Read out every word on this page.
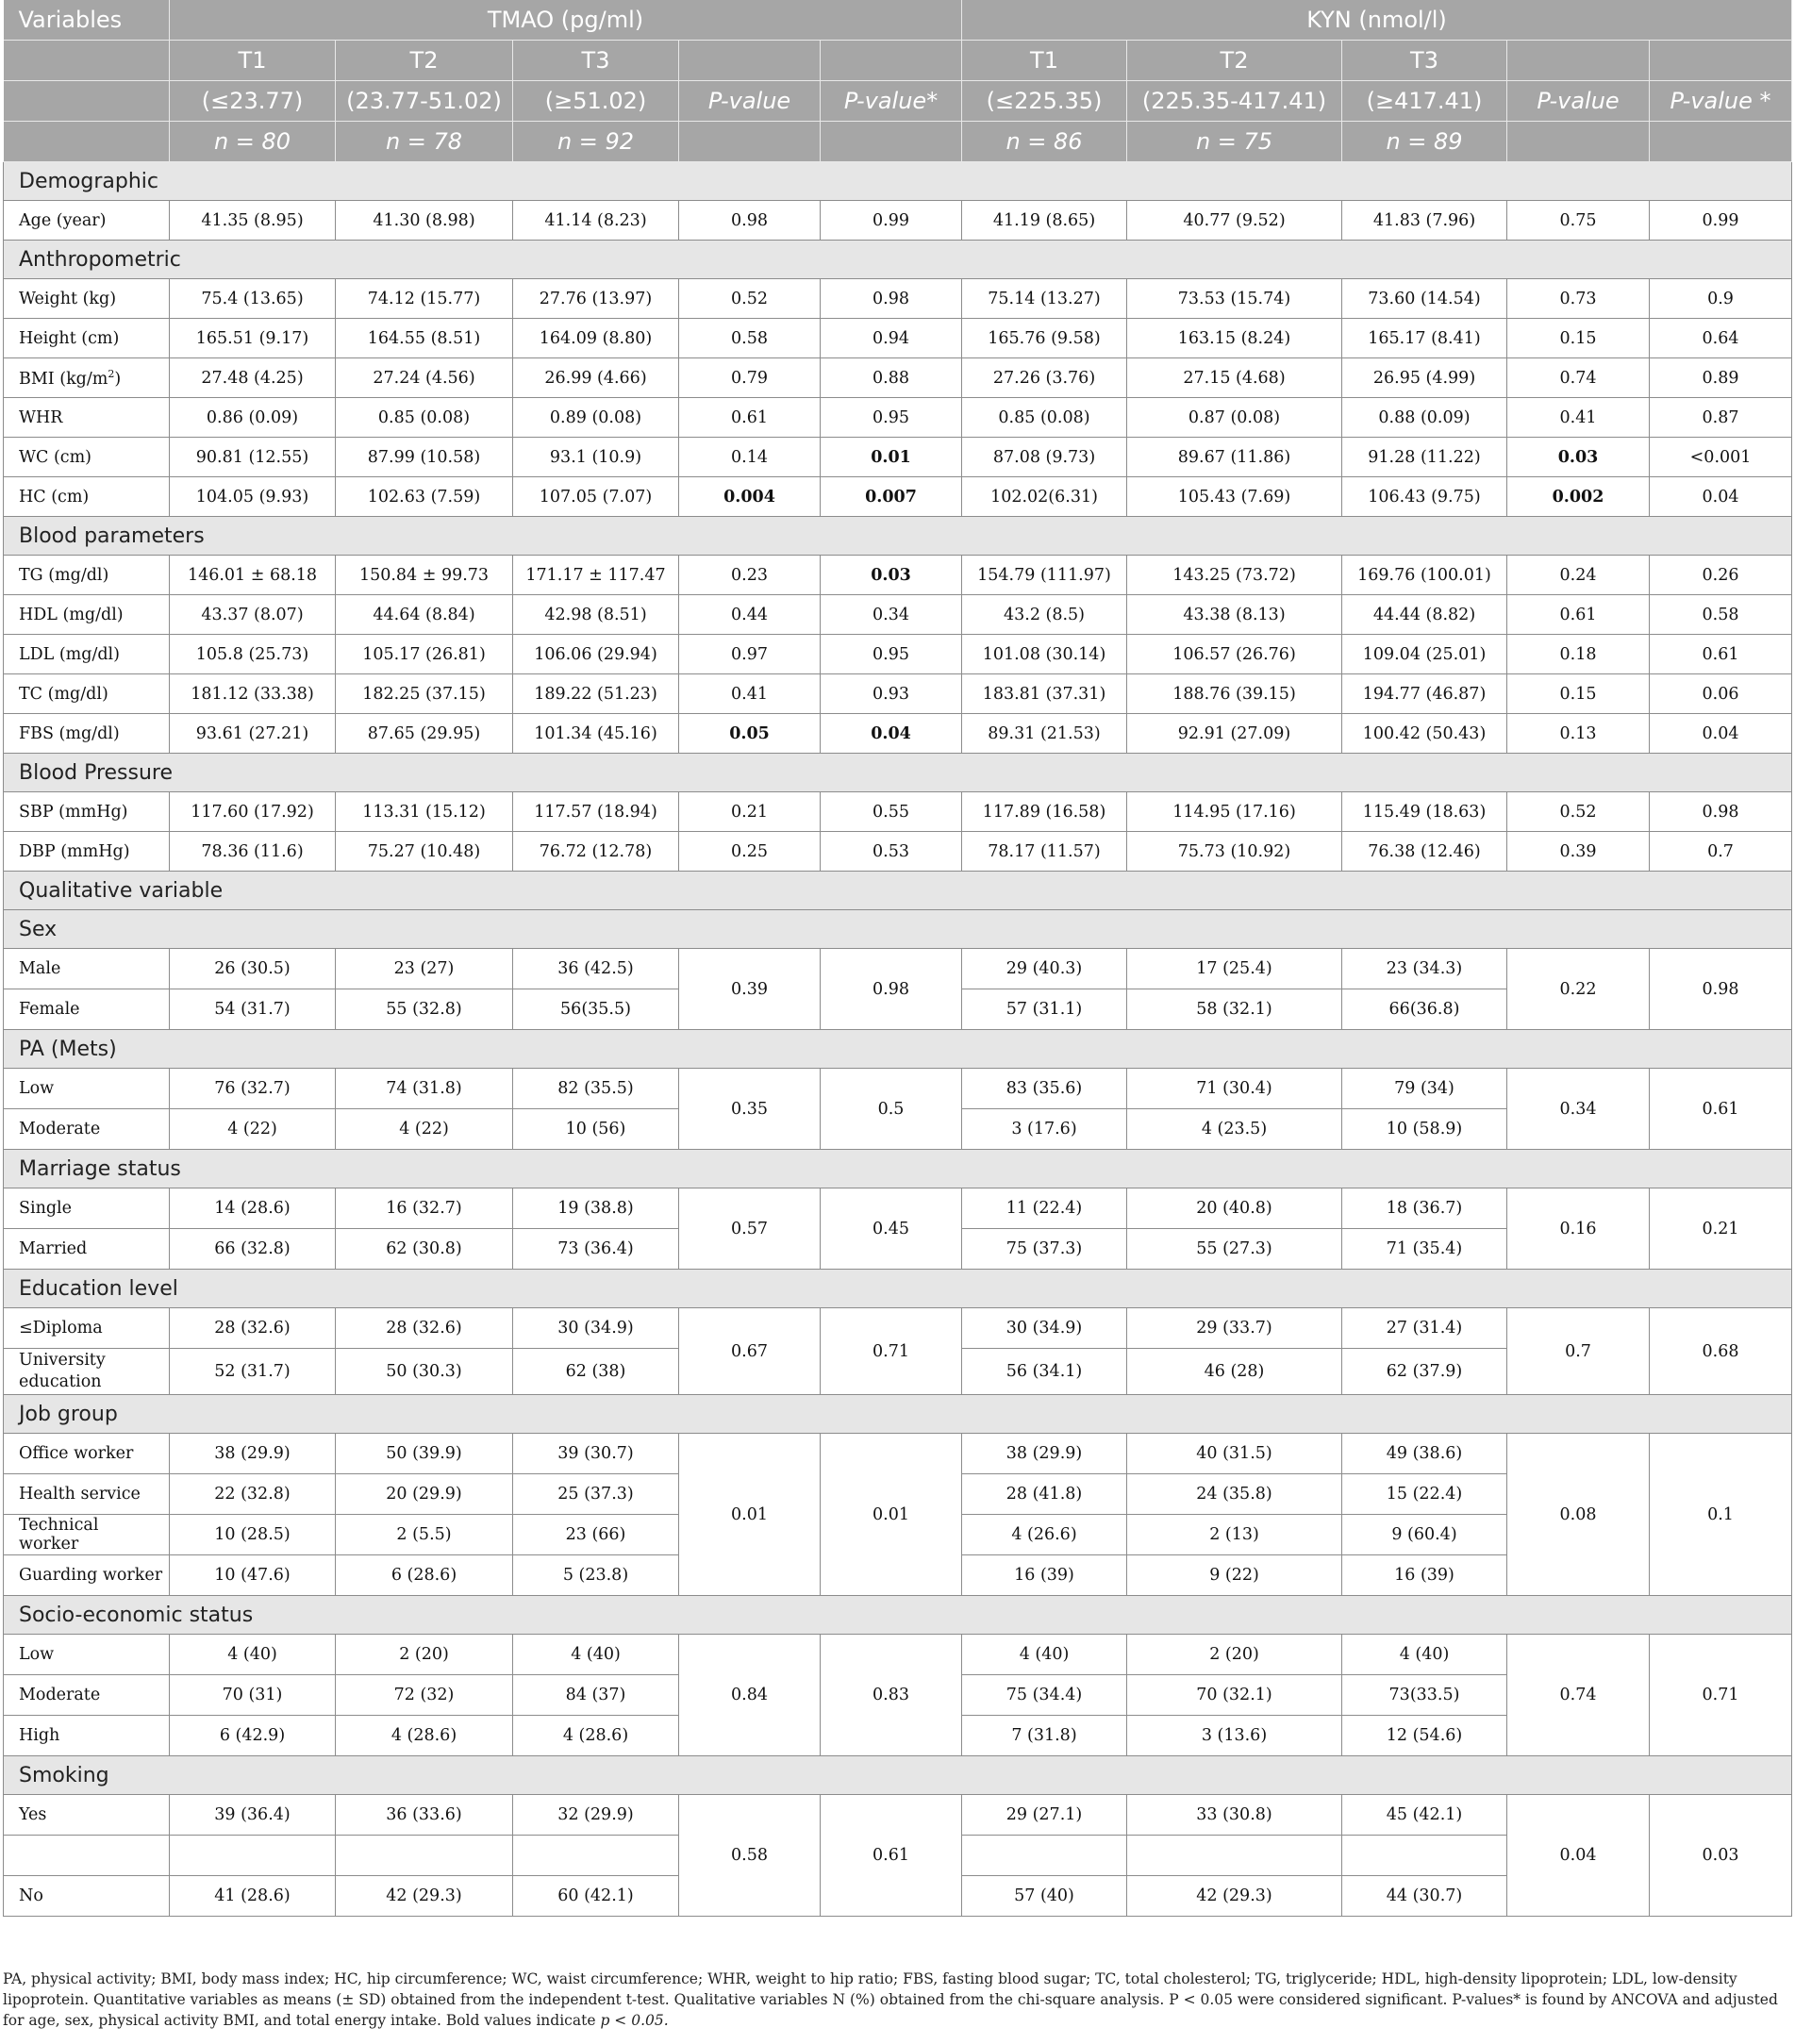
Variables	TMAO (pg/ml)					KYN (nmol/l)				
	T1	T2	T3			T1	T2	T3		
	(≤23.77)	(23.77-51.02)	(≥51.02)	P-value	P-value*	(≤225.35)	(225.35-417.41)	(≥417.41)	P-value	P-value *
	n = 80	n = 78	n = 92			n = 86	n = 75	n = 89		
Demographic										
Age (year)	41.35 (8.95)	41.30 (8.98)	41.14 (8.23)	0.98	0.99	41.19 (8.65)	40.77 (9.52)	41.83 (7.96)	0.75	0.99
Anthropometric										
Weight (kg)	75.4 (13.65)	74.12 (15.77)	27.76 (13.97)	0.52	0.98	75.14 (13.27)	73.53 (15.74)	73.60 (14.54)	0.73	0.9
Height (cm)	165.51 (9.17)	164.55 (8.51)	164.09 (8.80)	0.58	0.94	165.76 (9.58)	163.15 (8.24)	165.17 (8.41)	0.15	0.64
BMI $(kg/m^2)$	27.48 (4.25)	27.24 (4.56)	26.99 (4.66)	0.79	0.88	27.26 (3.76)	27.15 (4.68)	26.95 (4.99)	0.74	0.89
WHR	0.86 (0.09)	0.85 (0.08)	0.89 (0.08)	0.61	0.95	0.85 (0.08)	0.87 (0.08)	0.88 (0.09)	0.41	0.87
WC (cm)	90.81 (12.55)	87.99 (10.58)	93.1 (10.9)	0.14	0.01	87.08 (9.73)	89.67 (11.86)	91.28 (11.22)	0.03	<0.001
HC (cm)	104.05 (9.93)	102.63 (7.59)	107.05 (7.07)	0.004	0.007	102.02(6.31)	105.43 (7.69)	106.43 (9.75)	0.002	0.04
Blood parameters										
TG (mg/dl)	146.01 ± 68.18	150.84 ± 99.73	171.17 ± 117.47	0.23	0.03	154.79 (111.97)	143.25 (73.72)	169.76 (100.01)	0.24	0.26
HDL (mg/dl)	43.37 (8.07)	44.64 (8.84)	42.98 (8.51)	0.44	0.34	43.2 (8.5)	43.38 (8.13)	44.44 (8.82)	0.61	0.58
LDL (mg/dl)	105.8 (25.73)	105.17 (26.81)	106.06 (29.94)	0.97	0.95	101.08 (30.14)	106.57 (26.76)	109.04 (25.01)	0.18	0.61
TC (mg/dl)	181.12 (33.38)	182.25 (37.15)	189.22 (51.23)	0.41	0.93	183.81 (37.31)	188.76 (39.15)	194.77 (46.87)	0.15	0.06
FBS (mg/dl)	93.61 (27.21)	87.65 (29.95)	101.34 (45.16)	0.05	0.04	89.31 (21.53)	92.91 (27.09)	100.42 (50.43)	0.13	0.04
Blood Pressure										
SBP (mmHg)	117.60 (17.92)	113.31 (15.12)	117.57 (18.94)	0.21	0.55	117.89 (16.58)	114.95 (17.16)	115.49 (18.63)	0.52	0.98
DBP (mmHg)	78.36 (11.6)	75.27 (10.48)	76.72 (12.78)	0.25	0.53	78.17 (11.57)	75.73 (10.92)	76.38 (12.46)	0.39	0.7
Qualitative variable										
Sex										
Male	26 (30.5)	23 (27)	36 (42.5)	0.39	0.98	29 (40.3)	17 (25.4)	23 (34.3)	0.22	0.98
Female	54 (31.7)	55 (32.8)	56(35.5)			57 (31.1)	58 (32.1)	66(36.8)		
PA (Mets)										
Low	76 (32.7)	74 (31.8)	82 (35.5)	0.35	0.5	83 (35.6)	71 (30.4)	79 (34)	0.34	0.61
Moderate	4 (22)	4 (22)	10 (56)			3 (17.6)	4 (23.5)	10 (58.9)		
Marriage status										
Single	14 (28.6)	16 (32.7)	19 (38.8)	0.57	0.45	11 (22.4)	20 (40.8)	18 (36.7)	0.16	0.21
Married	66 (32.8)	62 (30.8)	73 (36.4)			75 (37.3)	55 (27.3)	71 (35.4)		
Education level										
≤Diploma	28 (32.6)	28 (32.6)	30 (34.9)	0.67	0.71	30 (34.9)	29 (33.7)	27 (31.4)	0.7	0.68
University education	52 (31.7)	50 (30.3)	62 (38)			56 (34.1)	46 (28)	62 (37.9)		
Job group										
Office worker	38 (29.9)	50 (39.9)	39 (30.7)	0.01	0.01	38 (29.9)	40 (31.5)	49 (38.6)	0.08	0.1
Health service	22 (32.8)	20 (29.9)	25 (37.3)			28 (41.8)	24 (35.8)	15 (22.4)		
Technical worker	10 (28.5)	2 (5.5)	23 (66)			4 (26.6)	2 (13)	9 (60.4)		
Guarding worker	10 (47.6)	6 (28.6)	5 (23.8)			16 (39)	9 (22)	16 (39)		
Socio-economic status										
Low	4 (40)	2 (20)	4 (40)	0.84	0.83	4 (40)	2 (20)	4 (40)	0.74	0.71
Moderate	70 (31)	72 (32)	84 (37)			75 (34.4)	70 (32.1)	73(33.5)		
High	6 (42.9)	4 (28.6)	4 (28.6)			7 (31.8)	3 (13.6)	12 (54.6)		
Smoking										
Yes	39 (36.4)	36 (33.6)	32 (29.9)	0.58	0.61	29 (27.1)	33 (30.8)	45 (42.1)	0.04	0.03

No	41 (28.6)	42 (29.3)	60 (42.1)			57 (40)	42 (29.3)	44 (30.7)		
PA, physical activity; BMI, body mass index; HC, hip circumference; WC, waist circumference; WHR, weight to hip ratio; FBS, fasting blood sugar; TC, total cholesterol; TG, triglyceride; HDL, high-density lipoprotein; LDL, low-density lipoprotein. Quantitative variables as means (± SD) obtained from the independent t-test. Qualitative variables N (%) obtained from the chi-square analysis. P < 0.05 were considered significant. P-values* is found by ANCOVA and adjusted for age, sex, physical activity BMI, and total energy intake. Bold values indicate p < 0.05.
